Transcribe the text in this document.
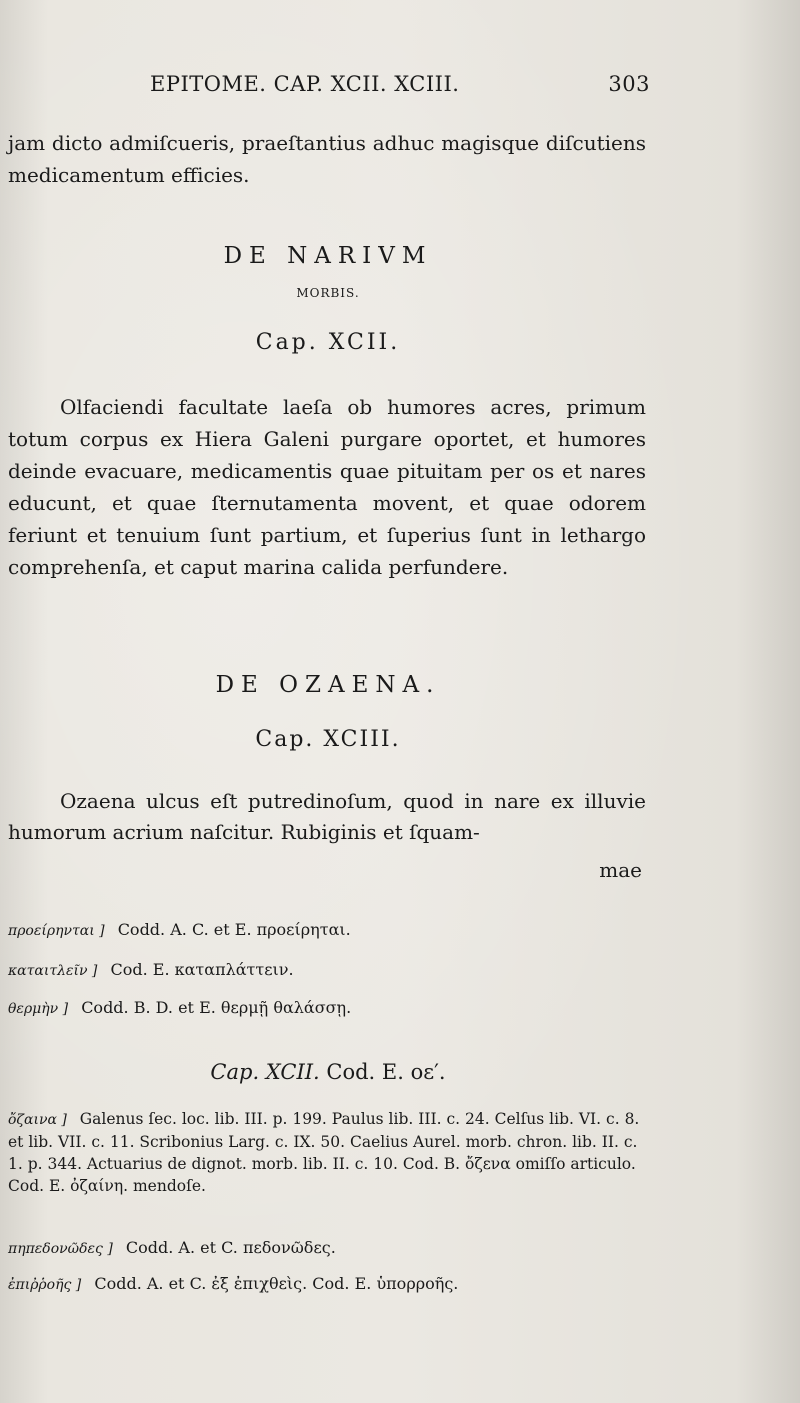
EPITOME. CAP. XCII. XCIII.	303
jam dicto admiſcueris, praeſtantius adhuc magisque diſcutiens medicamentum efficies.
DE NARIVM
MORBIS.
Cap. XCII.
Olfaciendi facultate laeſa ob humores acres, primum totum corpus ex Hiera Galeni purgare oportet, et humores deinde evacuare, medicamentis quae pituitam per os et nares educunt, et quae ſternutamenta movent, et quae odorem feriunt et tenuium ſunt partium, et ſuperius ſunt in lethargo comprehenſa, et caput marina calida perfundere.
DE OZAENA.
Cap. XCIII.
Ozaena ulcus eſt putredinoſum, quod in nare ex illuvie humorum acrium naſcitur. Rubiginis et ſquam-
mae
προείρηνται ] Codd. A. C. et E. προείρηται.
καταιτλεῖν ] Cod. E. καταπλάττειν.
θερμὴν ] Codd. B. D. et E. θερμῇ θαλάσσῃ.
Cap. XCII. Cod. E. οε′.
ὄζαινα ] Galenus ſec. loc. lib. III. p. 199. Paulus lib. III. c. 24. Celſus lib. VI. c. 8. et lib. VII. c. 11. Scribonius Larg. c. IX. 50. Caelius Aurel. morb. chron. lib. II. c. 1. p. 344. Actuarius de dignot. morb. lib. II. c. 10. Cod. B. ὄζενα omiſſo articulo. Cod. E. ὀζαίνη. mendoſe.
πηπεδονῶδες ] Codd. A. et C. πεδονῶδες.
ἐπιῤῥοῆς ] Codd. A. et C. ἐξ ἐπιχθεὶς. Cod. E. ὑπορροῆς.
